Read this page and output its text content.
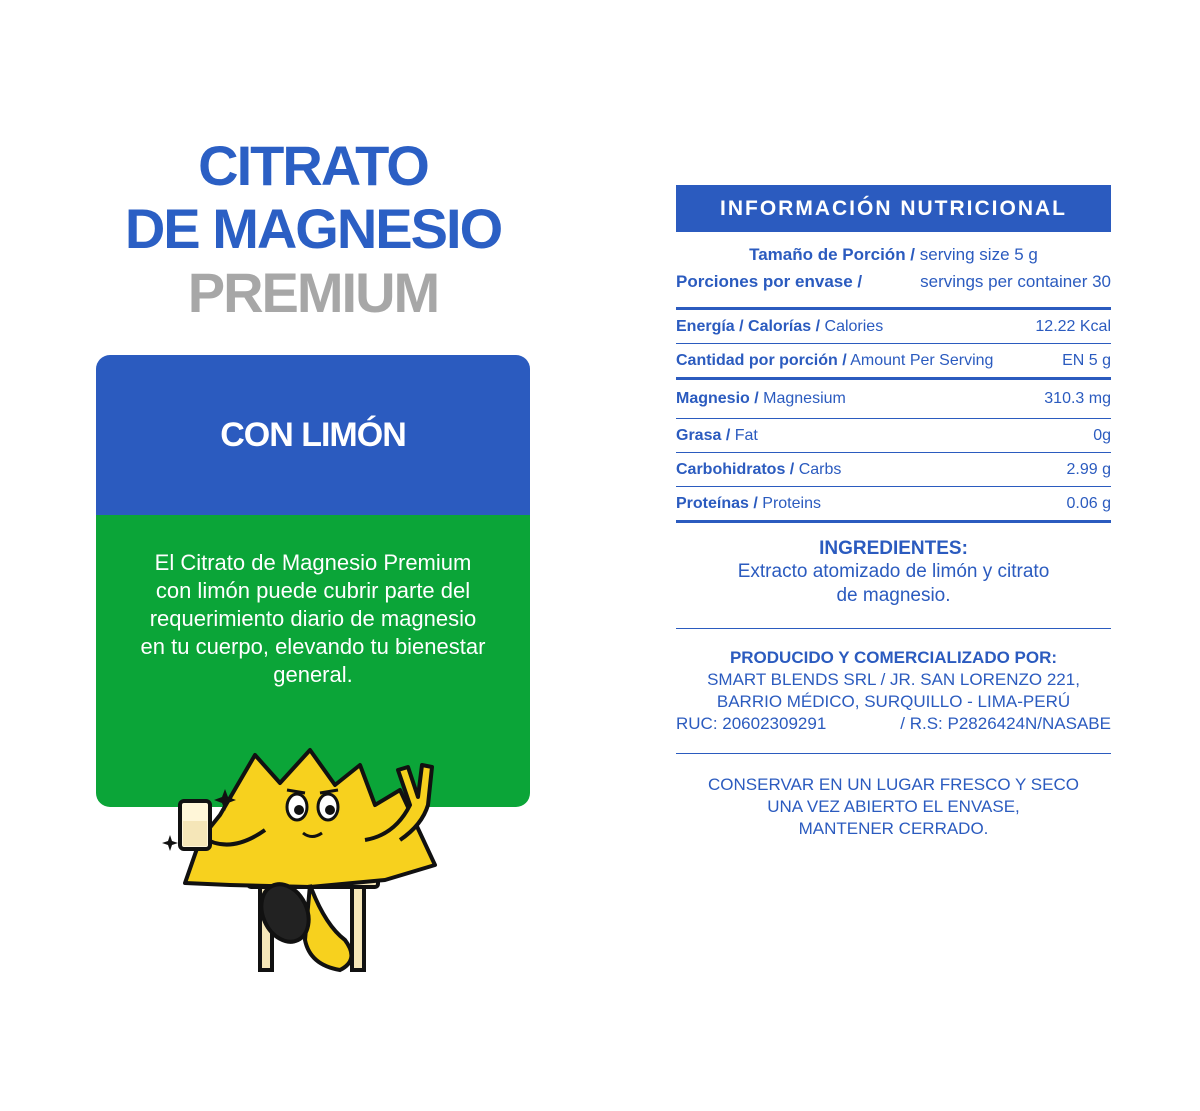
CITRATO
DE MAGNESIO
PREMIUM
CON LIMÓN
El Citrato de Magnesio Premium con limón puede cubrir parte del requerimiento diario de magnesio en tu cuerpo, elevando tu bienestar general.
INFORMACIÓN NUTRICIONAL
Tamaño de Porción / serving size 5 g
Porciones por envase /	servings per container 30
Energía / Calorías / Calories	12.22 Kcal
Cantidad por porción / Amount Per Serving	EN 5 g
Magnesio / Magnesium	310.3 mg
Grasa / Fat	0g
Carbohidratos / Carbs	2.99 g
Proteínas / Proteins	0.06 g
INGREDIENTES:
Extracto atomizado de limón y citrato
de magnesio.
PRODUCIDO Y COMERCIALIZADO POR:
SMART BLENDS SRL / JR. SAN LORENZO 221,
BARRIO MÉDICO, SURQUILLO - LIMA-PERÚ
RUC: 20602309291	/ R.S: P2826424N/NASABE
CONSERVAR EN UN LUGAR FRESCO Y SECO
UNA VEZ ABIERTO EL ENVASE,
MANTENER CERRADO.
